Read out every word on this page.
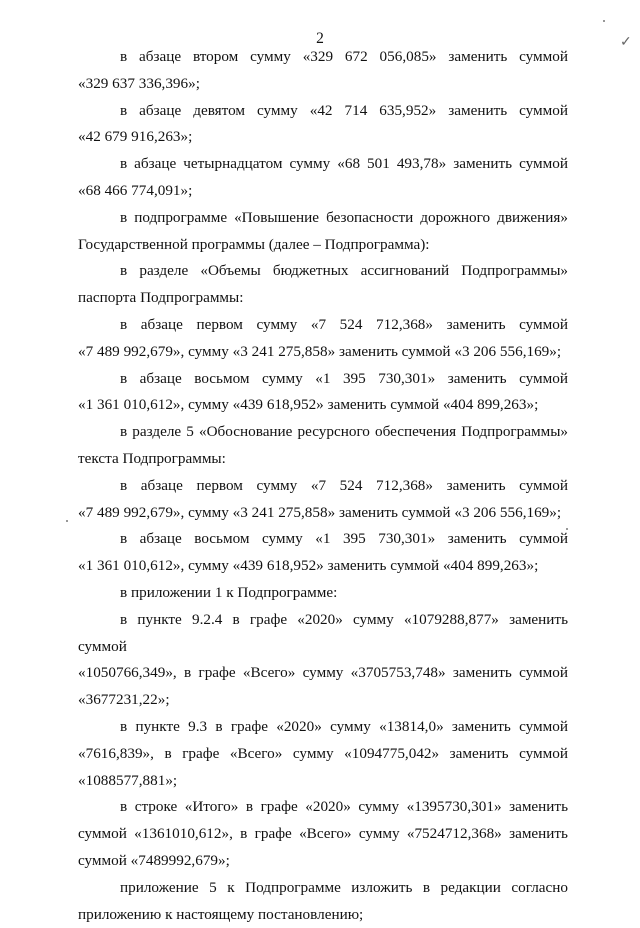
2	✓
в абзаце втором сумму «329 672 056,085» заменить суммой
«329 637 336,396»;
в абзаце девятом сумму «42 714 635,952» заменить суммой
«42 679 916,263»;
в абзаце четырнадцатом сумму «68 501 493,78» заменить суммой
«68 466 774,091»;
в подпрограмме «Повышение безопасности дорожного движения»
Государственной программы (далее – Подпрограмма):
в разделе «Объемы бюджетных ассигнований Подпрограммы»
паспорта Подпрограммы:
в абзаце первом сумму «7 524 712,368» заменить суммой
«7 489 992,679», сумму «3 241 275,858» заменить суммой «3 206 556,169»;
в абзаце восьмом сумму «1 395 730,301» заменить суммой
«1 361 010,612», сумму «439 618,952» заменить суммой «404 899,263»;
в разделе 5 «Обоснование ресурсного обеспечения Подпрограммы»
текста Подпрограммы:
в абзаце первом сумму «7 524 712,368» заменить суммой
«7 489 992,679», сумму «3 241 275,858» заменить суммой «3 206 556,169»;
в абзаце восьмом сумму «1 395 730,301» заменить суммой
«1 361 010,612», сумму «439 618,952» заменить суммой «404 899,263»;
в приложении 1 к Подпрограмме:
в пункте 9.2.4 в графе «2020» сумму «1079288,877» заменить суммой
«1050766,349», в графе «Всего» сумму «3705753,748» заменить суммой
«3677231,22»;
в пункте 9.3 в графе «2020» сумму «13814,0» заменить суммой
«7616,839», в графе «Всего» сумму «1094775,042» заменить суммой
«1088577,881»;
в строке «Итого» в графе «2020» сумму «1395730,301» заменить
суммой «1361010,612», в графе «Всего» сумму «7524712,368» заменить
суммой «7489992,679»;
приложение 5 к Подпрограмме изложить в редакции согласно
приложению к настоящему постановлению;
